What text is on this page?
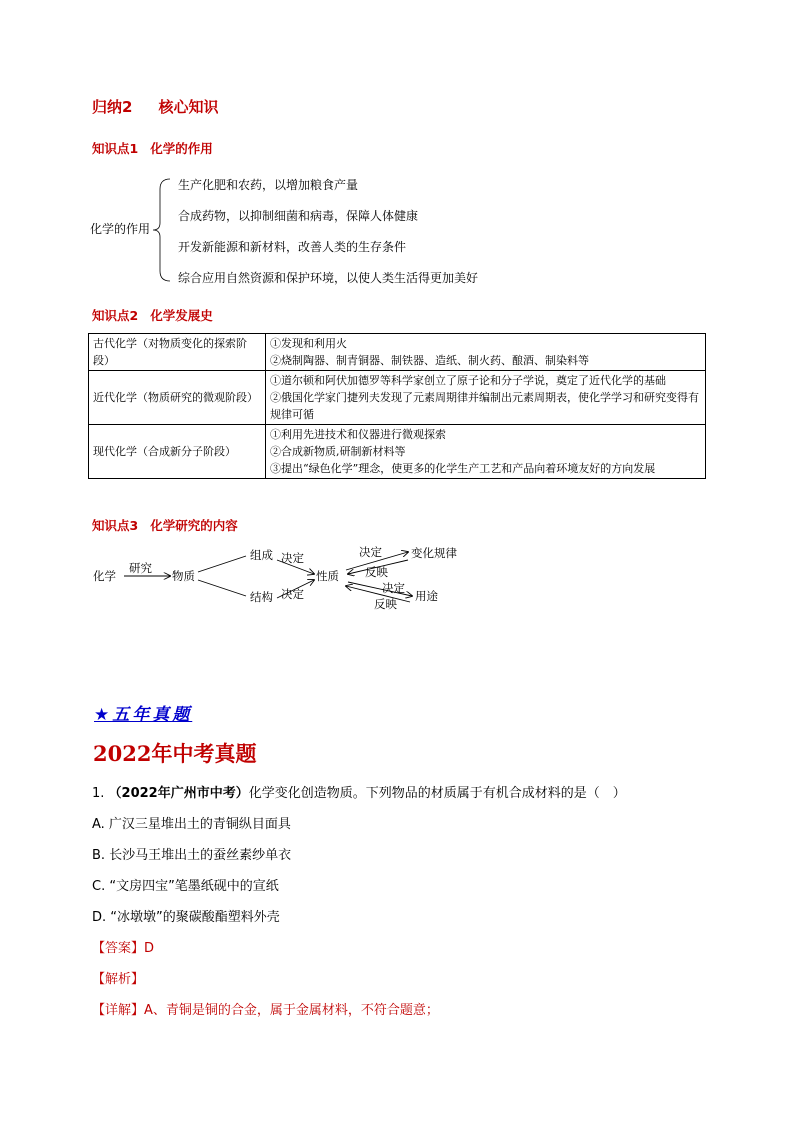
归纳2 核心知识
知识点1 化学的作用
化学的作用
生产化肥和农药，以增加粮食产量
合成药物，以抑制细菌和病毒，保障人体健康
开发新能源和新材料，改善人类的生存条件
综合应用自然资源和保护环境，以使人类生活得更加美好
知识点2 化学发展史
古代化学（对物质变化的探索阶段）	①发现和利用火
②烧制陶器、制青铜器、制铁器、造纸、制火药、酿酒、制染料等

近代化学（物质研究的微观阶段）	①道尔顿和阿伏加德罗等科学家创立了原子论和分子学说，奠定了近代化学的基础
②俄国化学家门捷列夫发现了元素周期律并编制出元素周期表，使化学学习和研究变得有规律可循

现代化学（合成新分子阶段）	①利用先进技术和仪器进行微观探索
②合成新物质,研制新材料等
③提出“绿色化学”理念，使更多的化学生产工艺和产品向着环境友好的方向发展
知识点3 化学研究的内容
化学
研究
物质
组成
结构
决定
决定
性质
决定
反映
变化规律
决定
反映
用途
★五年真题
2022年中考真题
1. （2022年广州市中考）化学变化创造物质。下列物品的材质属于有机合成材料的是（　）
A. 广汉三星堆出土的青铜纵目面具
B. 长沙马王堆出土的蚕丝素纱单衣
C. “文房四宝”笔墨纸砚中的宣纸
D. “冰墩墩”的聚碳酸酯塑料外壳
【答案】D
【解析】
【详解】A、青铜是铜的合金，属于金属材料，不符合题意；
